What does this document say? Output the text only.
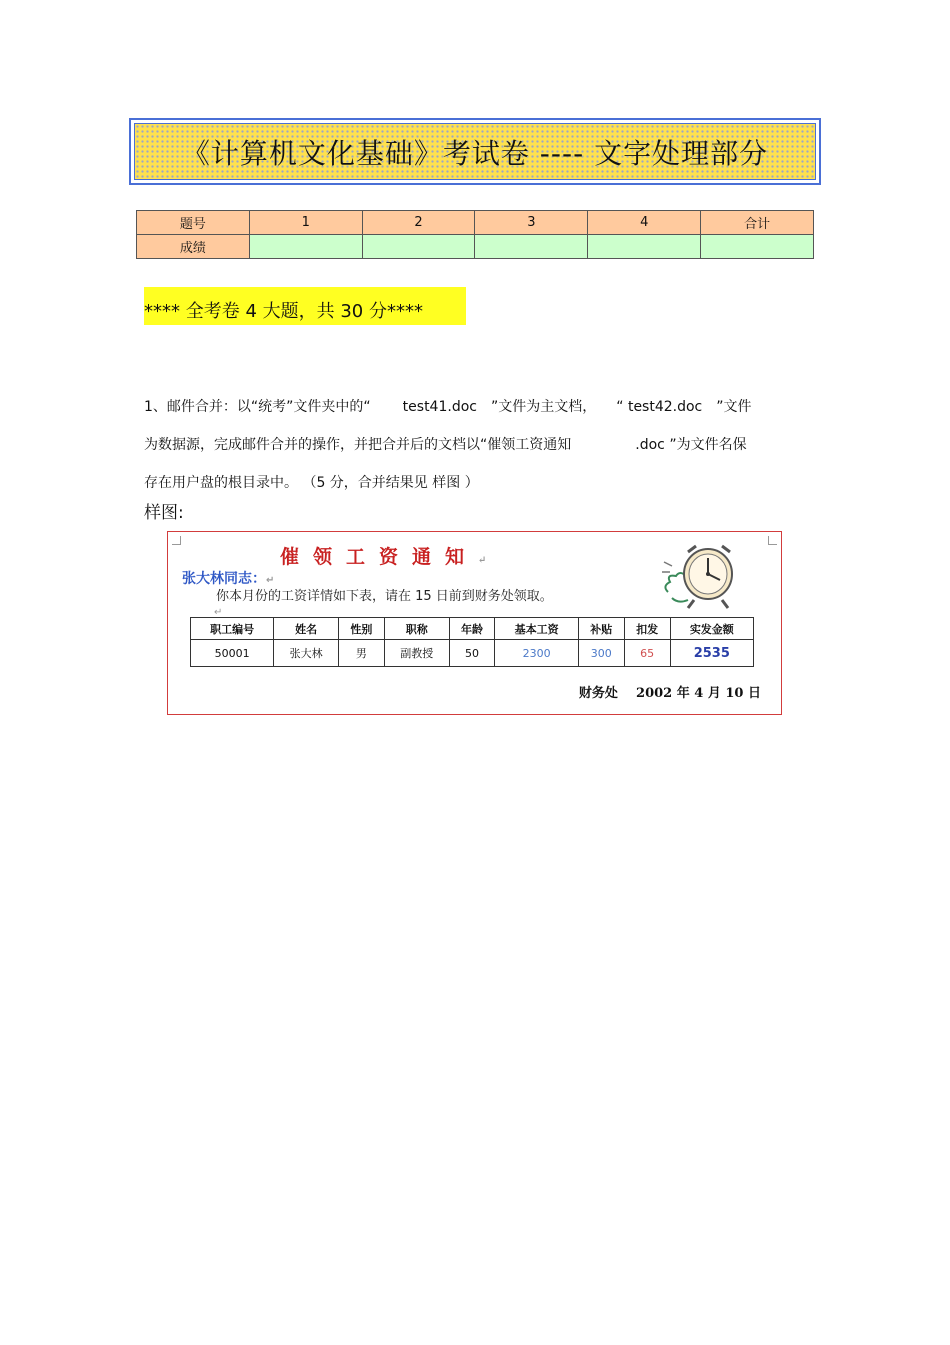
《计算机文化基础》考试卷 ---- 文字处理部分
题号	1	2	3	4	合计
成绩					
**** 全考卷 4 大题，共 30 分****
1、邮件合并：以“统考”文件夹中的“ test41.doc ”文件为主文档， “ test42.doc ”文件
为数据源，完成邮件合并的操作，并把合并后的文档以“催领工资通知	.doc ”为文件名保
存在用户盘的根目录中。 （5 分，合并结果见 样图 ）
样图:
催领工资通知↵
张大林同志：↵
你本月份的工资详情如下表，请在 15 日前到财务处领取。
↵
职工编号	姓名	性别	职称	年龄	基本工资	补贴	扣发	实发金额
50001	张大林	男	副教授	50	2300	300	65	2535
财务处 2002 年 4 月 10 日
